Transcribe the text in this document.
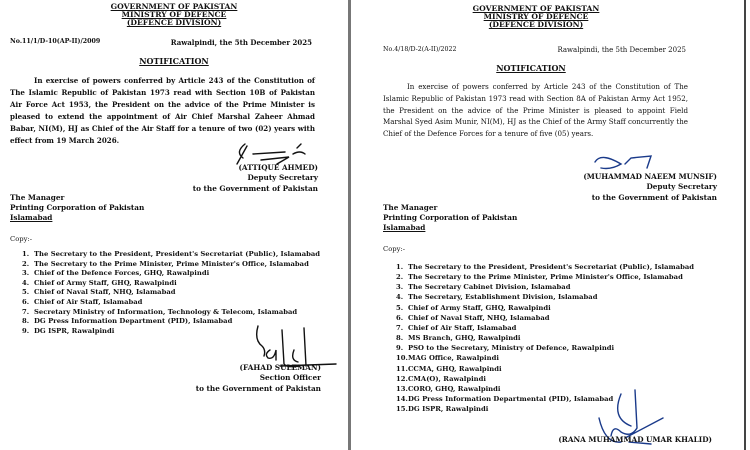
GOVERNMENT OF PAKISTAN
MINISTRY OF DEFENCE
(DEFENCE DIVISION)
No.11/1/D-10(AP-II)/2009	Rawalpindi, the 5th December 2025
NOTIFICATION

In exercise of powers conferred by Article 243 of the Constitution of The Islamic Republic of Pakistan 1973 read with Section 10B of Pakistan Air Force Act 1953, the President on the advice of the Prime Minister is pleased to extend the appointment of Air Chief Marshal Zaheer Ahmad Babar, NI(M), HJ as Chief of the Air Staff for a tenure of two (02) years with effect from 19 March 2026.

(ATTIQUE AHMED)
Deputy Secretary
to the Government of Pakistan
The Manager
Printing Corporation of Pakistan
Islamabad
Copy:-
1. The Secretary to the President, President's Secretariat (Public), Islamabad
2. The Secretary to the Prime Minister, Prime Minister's Office, Islamabad
3. Chief of the Defence Forces, GHQ, Rawalpindi
4. Chief of Army Staff, GHQ, Rawalpindi
5. Chief of Naval Staff, NHQ, Islamabad
6. Chief of Air Staff, Islamabad
7. Secretary Ministry of Information, Technology & Telecom, Islamabad
8. DG Press Information Department (PID), Islamabad
9. DG ISPR, Rawalpindi
(FAHAD SULEMAN)
Section Officer
to the Government of Pakistan
GOVERNMENT OF PAKISTAN
MINISTRY OF DEFENCE
(DEFENCE DIVISION)
No.4/18/D-2(A-II)/2022	Rawalpindi, the 5th December 2025
NOTIFICATION

In exercise of powers conferred by Article 243 of the Constitution of The Islamic Republic of Pakistan 1973 read with Section 8A of Pakistan Army Act 1952, the President on the advice of the Prime Minister is pleased to appoint Field Marshal Syed Asim Munir, NI(M), HJ as the Chief of the Army Staff concurrently the Chief of the Defence Forces for a tenure of five (05) years.

(MUHAMMAD NAEEM MUNSIF)
Deputy Secretary
to the Government of Pakistan
The Manager
Printing Corporation of Pakistan
Islamabad
Copy:-
1. The Secretary to the President, President's Secretariat (Public), Islamabad
2. The Secretary to the Prime Minister, Prime Minister's Office, Islamabad
3. The Secretary Cabinet Division, Islamabad
4. The Secretary, Establishment Division, Islamabad
5. Chief of Army Staff, GHQ, Rawalpindi
6. Chief of Naval Staff, NHQ, Islamabad
7. Chief of Air Staff, Islamabad
8. MS Branch, GHQ, Rawalpindi
9. PSO to the Secretary, Ministry of Defence, Rawalpindi
10.MAG Office, Rawalpindi
11.CCMA, GHQ, Rawalpindi
12.CMA(O), Rawalpindi
13.CORO, GHQ, Rawalpindi
14.DG Press Information Departmental (PID), Islamabad
15.DG ISPR, Rawalpindi
(RANA MUHAMMAD UMAR KHALID)
